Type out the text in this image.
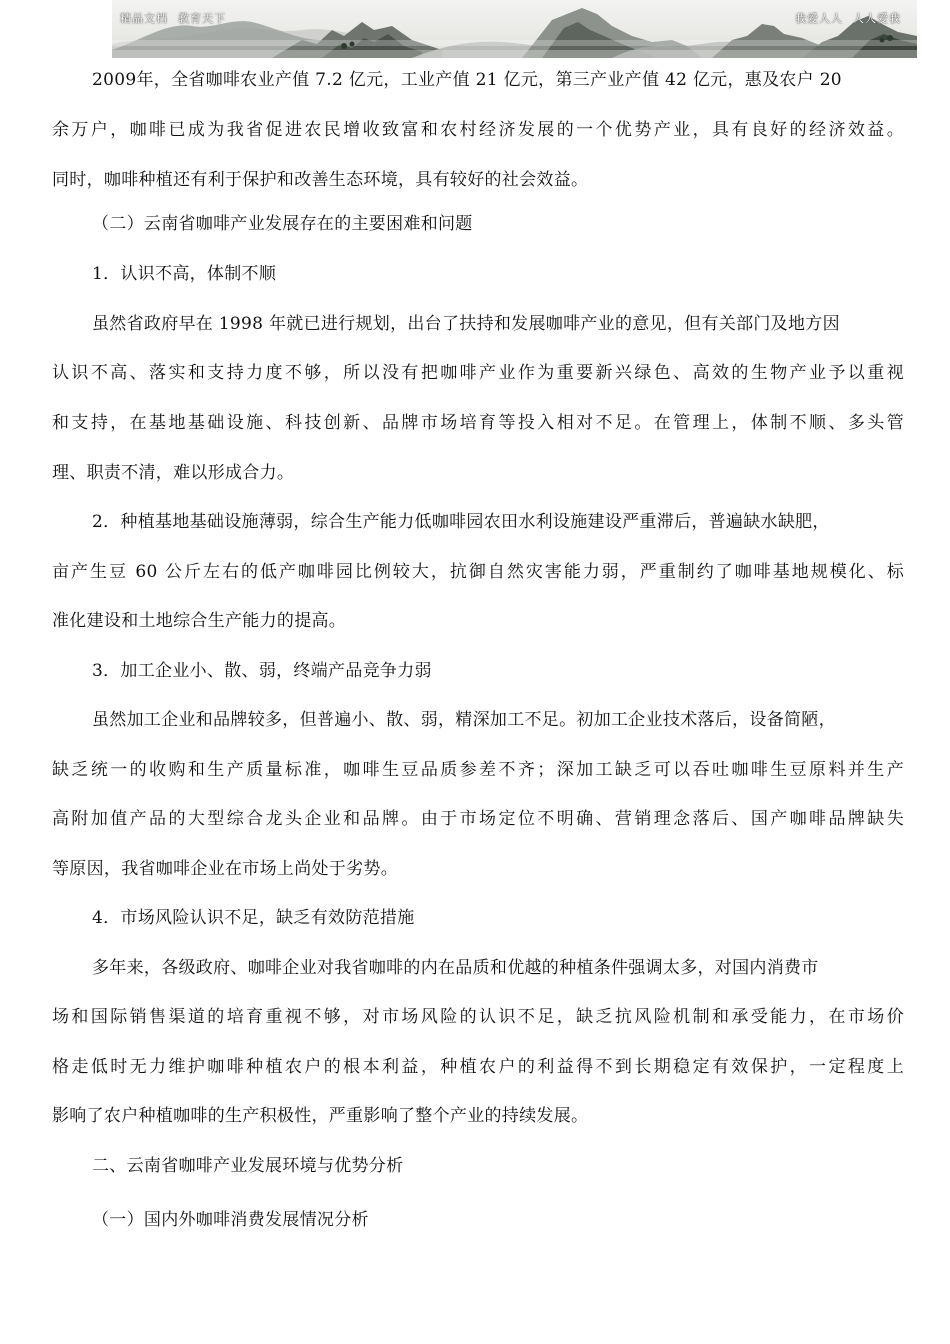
精品文档 教育天下	我爱人人 人人爱我
2009年，全省咖啡农业产值 7.2 亿元，工业产值 21 亿元，第三产业产值 42 亿元，惠及农户 20
余万户，咖啡已成为我省促进农民增收致富和农村经济发展的一个优势产业，具有良好的经济效益。
同时，咖啡种植还有利于保护和改善生态环境，具有较好的社会效益。
（二）云南省咖啡产业发展存在的主要困难和问题
1．认识不高，体制不顺
虽然省政府早在 1998 年就已进行规划，出台了扶持和发展咖啡产业的意见，但有关部门及地方因
认识不高、落实和支持力度不够，所以没有把咖啡产业作为重要新兴绿色、高效的生物产业予以重视
和支持，在基地基础设施、科技创新、品牌市场培育等投入相对不足。在管理上，体制不顺、多头管
理、职责不清，难以形成合力。
2．种植基地基础设施薄弱，综合生产能力低咖啡园农田水利设施建设严重滞后，普遍缺水缺肥，
亩产生豆 60 公斤左右的低产咖啡园比例较大，抗御自然灾害能力弱，严重制约了咖啡基地规模化、标
准化建设和土地综合生产能力的提高。
3．加工企业小、散、弱，终端产品竞争力弱
虽然加工企业和品牌较多，但普遍小、散、弱，精深加工不足。初加工企业技术落后，设备简陋，
缺乏统一的收购和生产质量标准，咖啡生豆品质参差不齐；深加工缺乏可以吞吐咖啡生豆原料并生产
高附加值产品的大型综合龙头企业和品牌。由于市场定位不明确、营销理念落后、国产咖啡品牌缺失
等原因，我省咖啡企业在市场上尚处于劣势。
4．市场风险认识不足，缺乏有效防范措施
多年来，各级政府、咖啡企业对我省咖啡的内在品质和优越的种植条件强调太多，对国内消费市
场和国际销售渠道的培育重视不够，对市场风险的认识不足，缺乏抗风险机制和承受能力，在市场价
格走低时无力维护咖啡种植农户的根本利益，种植农户的利益得不到长期稳定有效保护，一定程度上
影响了农户种植咖啡的生产积极性，严重影响了整个产业的持续发展。
二、云南省咖啡产业发展环境与优势分析
（一）国内外咖啡消费发展情况分析
